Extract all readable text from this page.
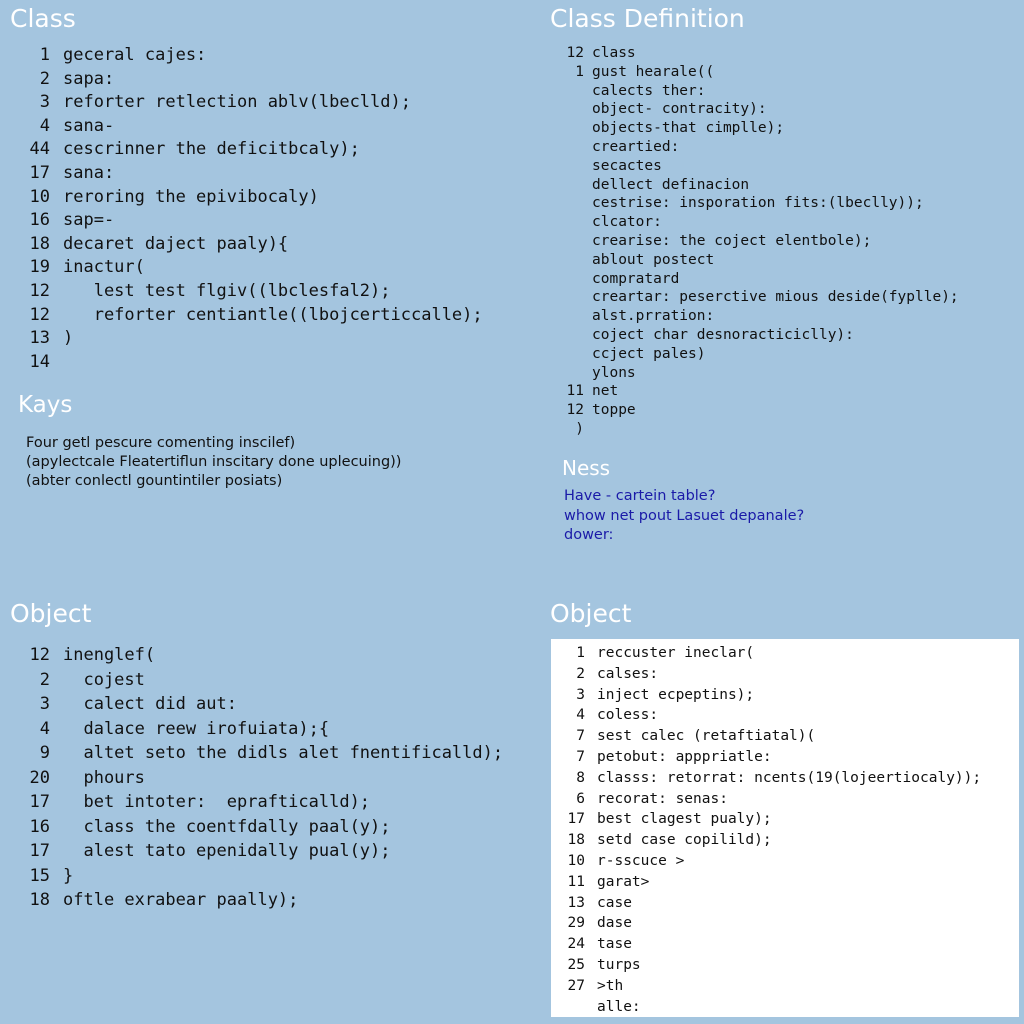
Class	Class Definition
Kays
Ness
Object	Object
1 geceral cajes:
2 sapa:
3 reforter retlection ablv(lbeclld);
4 sana-
44 cescrinner the deficitbcaly);
17 sana:
10 reroring the epivibocaly)
16 sap=-
18 decaret daject paaly){
19 inactur(
12   lest test flgiv((lbclesfal2);
12   reforter centiantle((lbojcerticcalle);
13 )
14
12 class
1 gust hearale((
calects ther:
object- contracity):
objects-that cimplle);
creartied:
secactes
dellect definacion
cestrise: insporation fits:(lbeclly));
clcator:
crearise: the coject elentbole);
ablout postect
compratard
creartar: peserctive mious deside(fyplle);
alst.prration:
coject char desnoracticiclly):
ccject pales)
ylons
11 net
12 toppe
)
Four getl pescure comenting inscilef)
(apylectcale Fleatertiflun inscitary done uplecuing))
(abter conlectl gountintiler posiats)
Have - cartein table?
whow net pout Lasuet depanale?
dower:
12 inenglef(
2  cojest
3  calect did aut:
4  dalace reew irofuiata);{
9  altet seto the didls alet fnentificalld);
20  phours
17  bet intoter:  eprafticalld);
16  class the coentfdally paal(y);
17  alest tato epenidally pual(y);
15 }
18 oftle exrabear paally);
1 reccuster ineclar(
2 calses:
3 inject ecpeptins);
4 coless:
7 sest calec (retaftiatal)(
7 petobut: apppriatle:
8 classs: retorrat: ncents(19(lojeertiocaly));
6 recorat: senas:
17 best clagest pualy);
18 setd case copilild);
10 r-sscuce >
11 garat>
13 case
29 dase
24 tase
25 turps
27 >th
alle:
